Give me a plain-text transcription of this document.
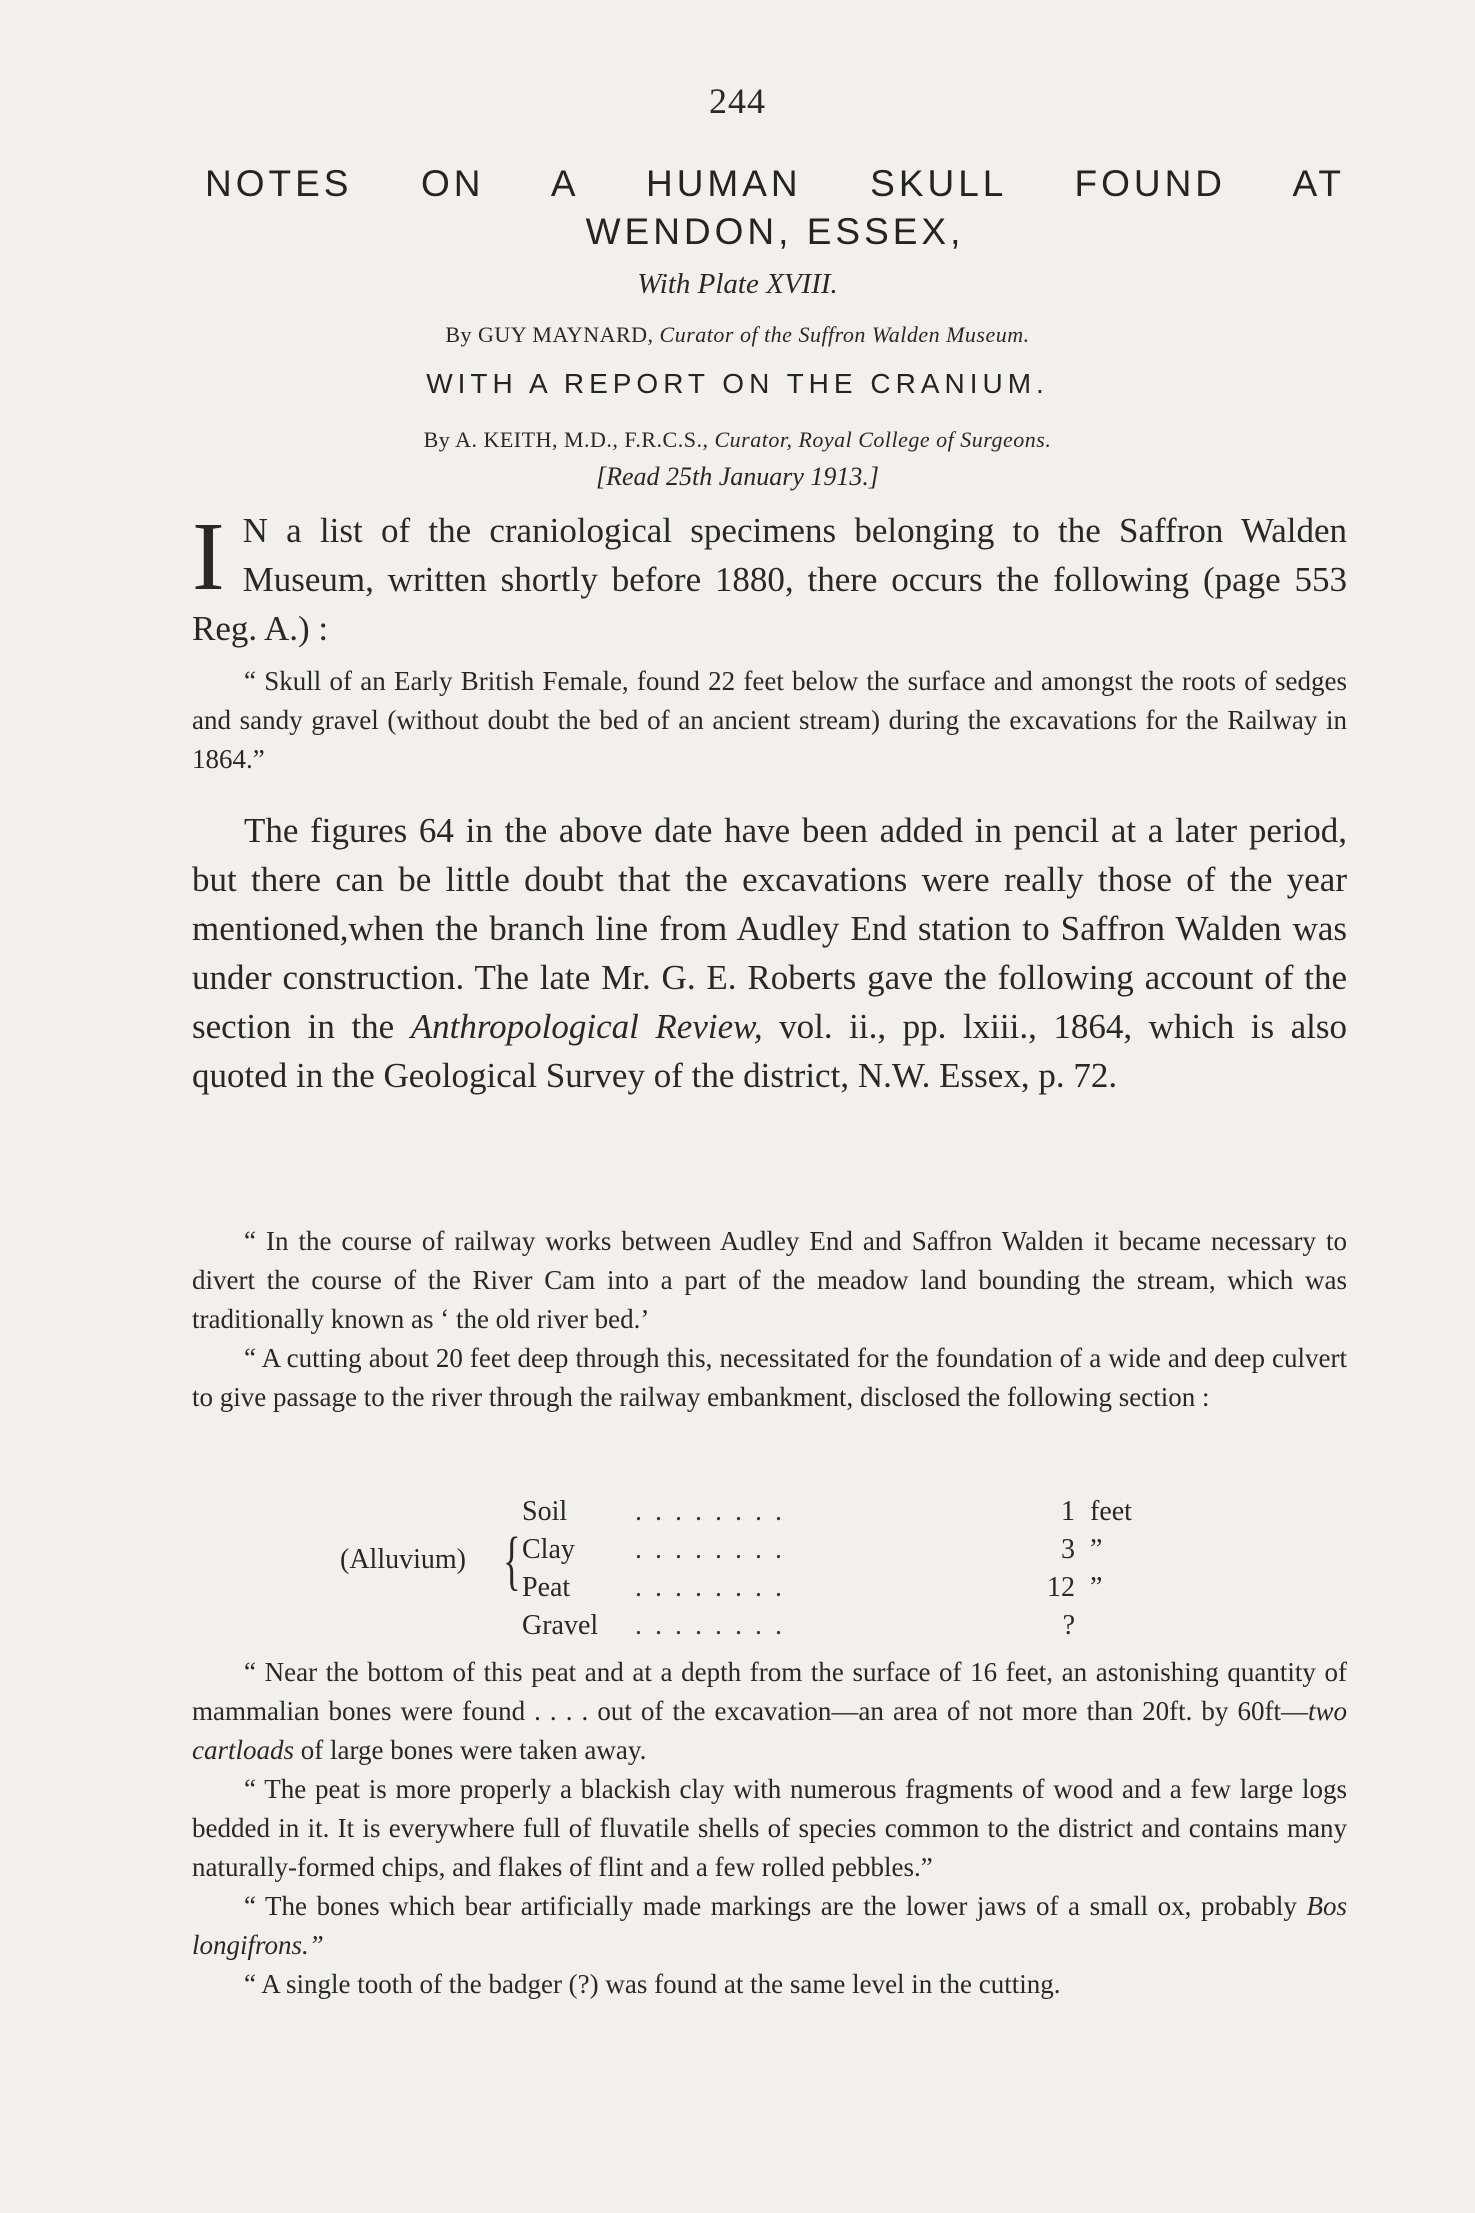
244
NOTES ON A HUMAN SKULL FOUND AT
WENDON, ESSEX,
With Plate XVIII.
By GUY MAYNARD, Curator of the Suffron Walden Museum.
WITH A REPORT ON THE CRANIUM.
By A. KEITH, M.D., F.R.C.S., Curator, Royal College of Surgeons.
[Read 25th January 1913.]
I N a list of the craniological specimens belonging to the Saffron Walden Museum, written shortly before 1880, there occurs the following (page 553 Reg. A.) :

“ Skull of an Early British Female, found 22 feet below the surface and amongst the roots of sedges and sandy gravel (without doubt the bed of an ancient stream) during the excavations for the Railway in 1864.”

The figures 64 in the above date have been added in pencil at a later period, but there can be little doubt that the excavations were really those of the year mentioned,when the branch line from Audley End station to Saffron Walden was under construction. The late Mr. G. E. Roberts gave the following account of the section in the Anthropological Review, vol. ii., pp. lxiii., 1864, which is also quoted in the Geological Survey of the district, N.W. Essex, p. 72.

“ In the course of railway works between Audley End and Saffron Walden it became necessary to divert the course of the River Cam into a part of the meadow land bounding the stream, which was traditionally known as ‘ the old river bed.’

“ A cutting about 20 feet deep through this, necessitated for the foundation of a wide and deep culvert to give passage to the river through the railway embankment, disclosed the following section :

Soil . . . . . . . .	1 feet
Clay . . . . . . . .	3 ”
Peat . . . . . . . .	12 ”
Gravel . . . . . . . .	?
(Alluvium) {

“ Near the bottom of this peat and at a depth from the surface of 16 feet, an astonishing quantity of mammalian bones were found . . . . out of the excavation—an area of not more than 20ft. by 60ft—two cartloads of large bones were taken away.

“ The peat is more properly a blackish clay with numerous fragments of wood and a few large logs bedded in it. It is everywhere full of fluvatile shells of species common to the district and contains many naturally-formed chips, and flakes of flint and a few rolled pebbles.”

“ The bones which bear artificially made markings are the lower jaws of a small ox, probably Bos longifrons.”

“ A single tooth of the badger (?) was found at the same level in the cutting.
